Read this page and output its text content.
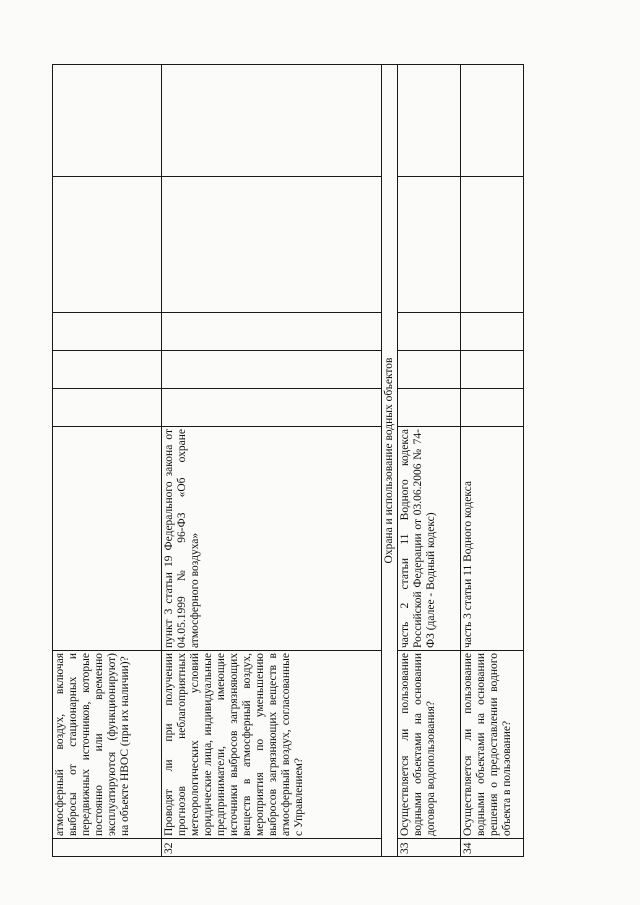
	атмосферный воздух, включая выбросы от стационарных и передвижных источников, которые постоянно или временно эксплуатируются (функционируют) на объекте НВОС (при их наличии)?						
32	Проводят ли при получении прогнозов неблагоприятных метеорологических условий юридические лица, индивидуальные предприниматели, имеющие источники выбросов загрязняющих веществ в атмосферный воздух, мероприятия по уменьшению выбросов загрязняющих веществ в атмосферный воздух, согласованные с Управлением?	пункт 3 статьи 19 Федерального закона от 04.05.1999 № 96-ФЗ «Об охране атмосферного воздуха»					
Охрана и использование водных объектов							
33	Осуществляется ли пользование водными объектами на основании договора водопользования?	часть 2 статьи 11 Водного кодекса Российской Федерации от 03.06.2006 № 74-ФЗ (далее - Водный кодекс)					
34	Осуществляется ли пользование водными объектами на основании решения о предоставлении водного объекта в пользование?	часть 3 статьи 11 Водного кодекса					
